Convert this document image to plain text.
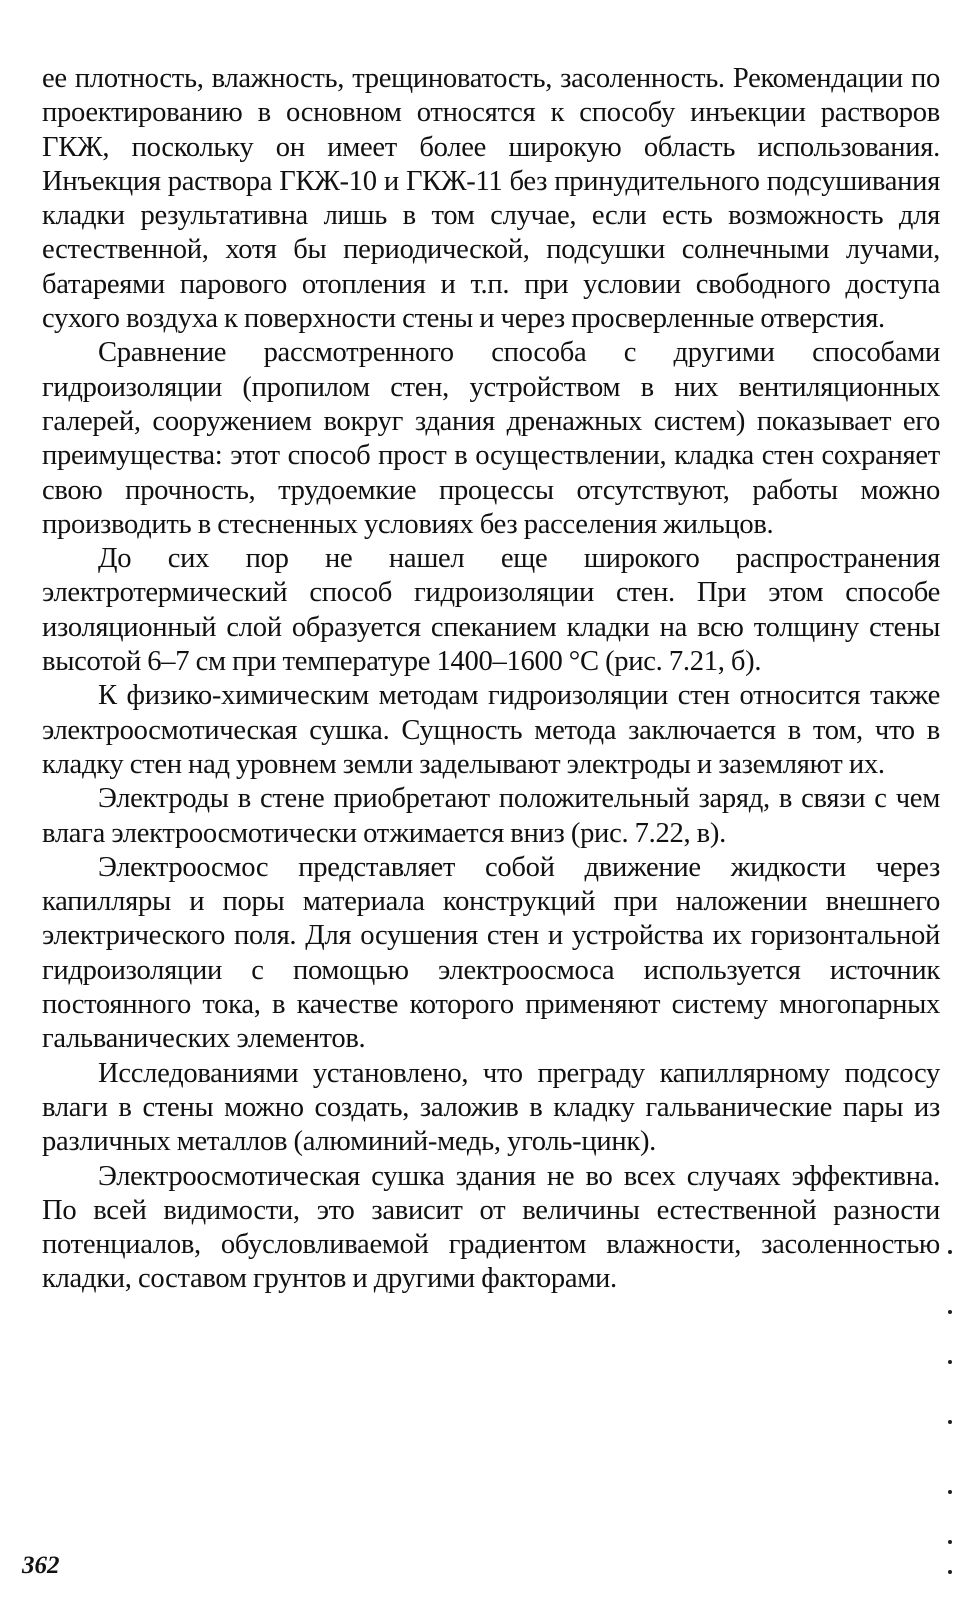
ее плотность, влажность, трещиноватость, засоленность. Рекомендации по проектированию в основном относятся к способу инъекции растворов ГКЖ, поскольку он имеет более широкую область использования. Инъекция раствора ГКЖ-10 и ГКЖ-11 без принудительного подсушивания кладки результативна лишь в том случае, если есть возможность для естественной, хотя бы периодической, подсушки солнечными лучами, батареями парового отопления и т.п. при условии свободного доступа сухого воздуха к поверхности стены и через просверленные отверстия.

Сравнение рассмотренного способа с другими способами гидроизоляции (пропилом стен, устройством в них вентиляционных галерей, сооружением вокруг здания дренажных систем) показывает его преимущества: этот способ прост в осуществлении, кладка стен сохраняет свою прочность, трудоемкие процессы отсутствуют, работы можно производить в стесненных условиях без расселения жильцов.

До сих пор не нашел еще широкого распространения электротермический способ гидроизоляции стен. При этом способе изоляционный слой образуется спеканием кладки на всю толщину стены высотой 6–7 см при температуре 1400–1600 °С (рис. 7.21, б).

К физико-химическим методам гидроизоляции стен относится также электроосмотическая сушка. Сущность метода заключается в том, что в кладку стен над уровнем земли заделывают электроды и заземляют их.

Электроды в стене приобретают положительный заряд, в связи с чем влага электроосмотически отжимается вниз (рис. 7.22, в).

Электроосмос представляет собой движение жидкости через капилляры и поры материала конструкций при наложении внешнего электрического поля. Для осушения стен и устройства их горизонтальной гидроизоляции с помощью электроосмоса используется источник постоянного тока, в качестве которого применяют систему многопарных гальванических элементов.

Исследованиями установлено, что преграду капиллярному подсосу влаги в стены можно создать, заложив в кладку гальванические пары из различных металлов (алюминий-медь, уголь-цинк).

Электроосмотическая сушка здания не во всех случаях эффективна. По всей видимости, это зависит от величины естественной разности потенциалов, обусловливаемой градиентом влажности, засоленностью кладки, составом грунтов и другими факторами.

362
